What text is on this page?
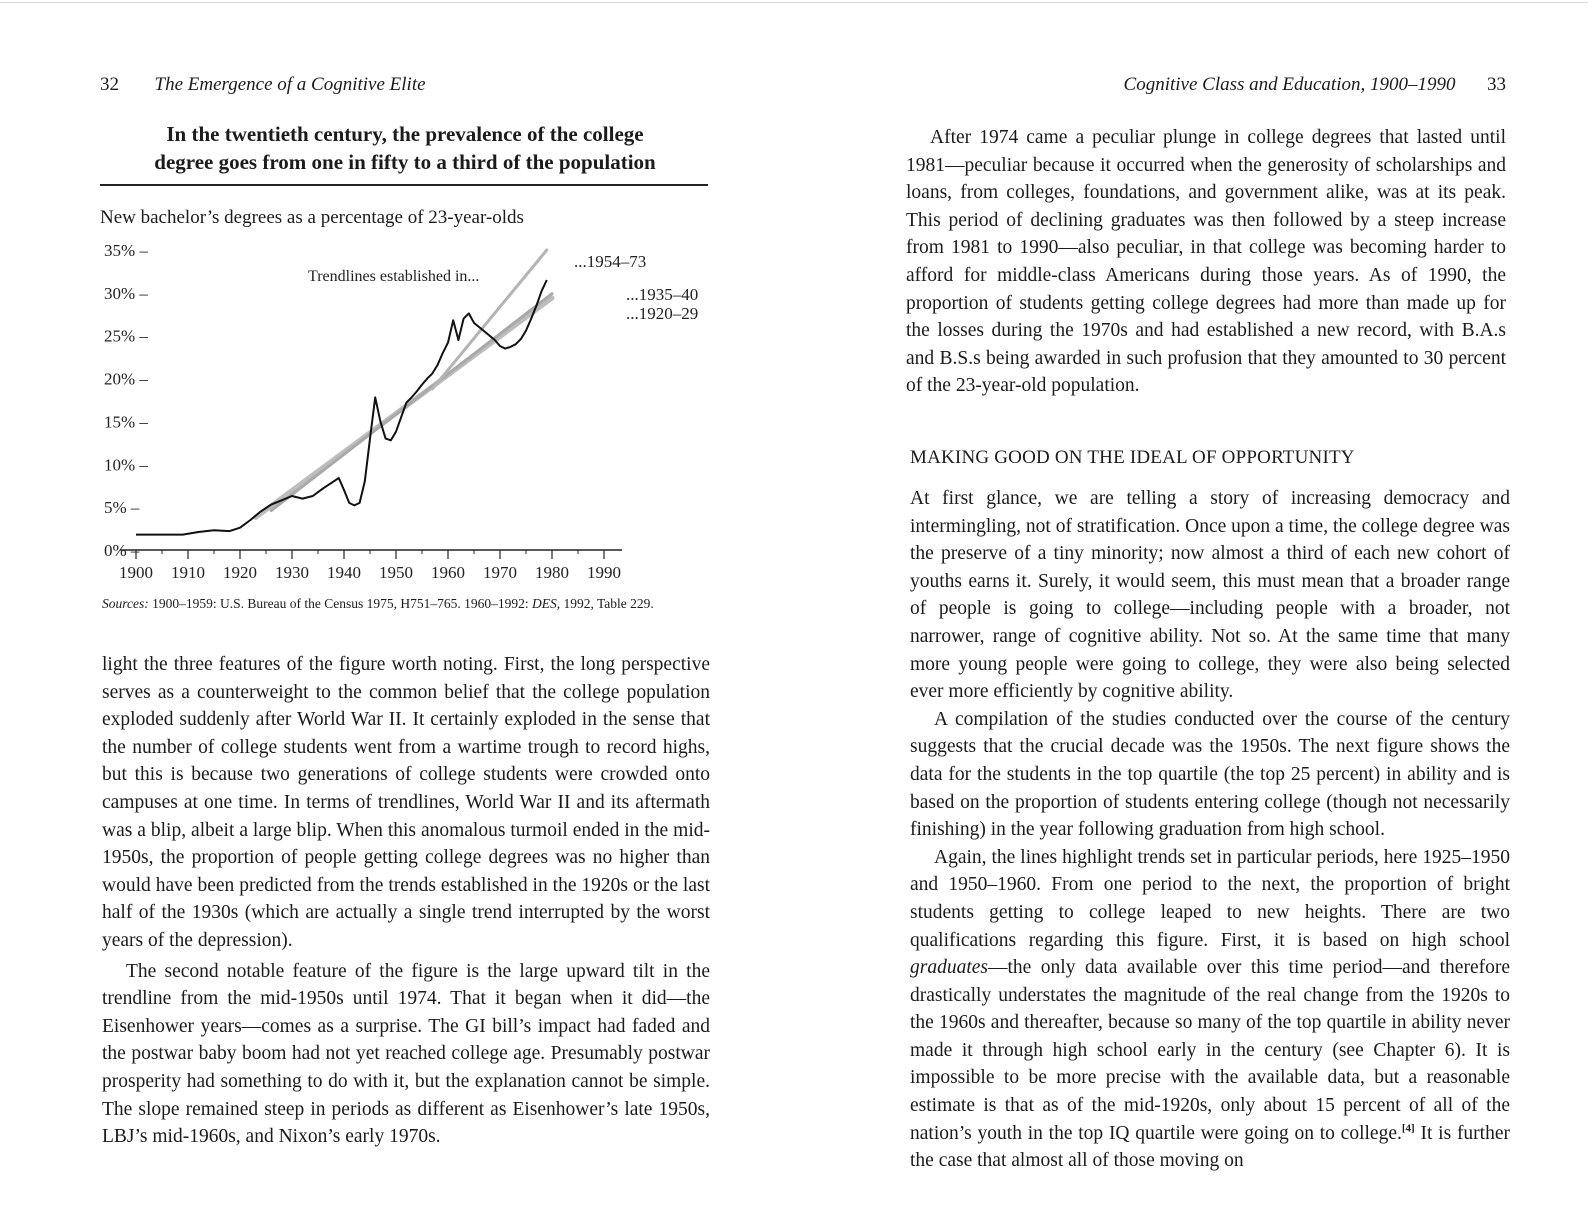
32 The Emergence of a Cognitive Elite
In the twentieth century, the prevalence of the college
degree goes from one in fifty to a third of the population
New bachelor’s degrees as a percentage of 23-year-olds
0% –
5% –
10% –
15% –
20% –
25% –
30% –
35% –
1900 1910 1920 1930 1940 1950 1960 1970 1980 1990
Trendlines established in...
...1954–73
...1935–40
...1920–29
Sources: 1900–1959: U.S. Bureau of the Census 1975, H751–765. 1960–1992: DES, 1992, Table 229.

light the three features of the figure worth noting. First, the long perspective serves as a counterweight to the common belief that the college population exploded suddenly after World War II. It certainly exploded in the sense that the number of college students went from a wartime trough to record highs, but this is because two generations of college students were crowded onto campuses at one time. In terms of trendlines, World War II and its aftermath was a blip, albeit a large blip. When this anomalous turmoil ended in the mid-1950s, the proportion of people getting college degrees was no higher than would have been predicted from the trends established in the 1920s or the last half of the 1930s (which are actually a single trend interrupted by the worst years of the depression).

The second notable feature of the figure is the large upward tilt in the trendline from the mid-1950s until 1974. That it began when it did—the Eisenhower years—comes as a surprise. The GI bill’s impact had faded and the postwar baby boom had not yet reached college age. Presumably postwar prosperity had something to do with it, but the explanation cannot be simple. The slope remained steep in periods as different as Eisenhower’s late 1950s, LBJ’s mid-1960s, and Nixon’s early 1970s.

Cognitive Class and Education, 1900–1990 33

After 1974 came a peculiar plunge in college degrees that lasted until 1981—peculiar because it occurred when the generosity of scholarships and loans, from colleges, foundations, and government alike, was at its peak. This period of declining graduates was then followed by a steep increase from 1981 to 1990—also peculiar, in that college was becoming harder to afford for middle-class Americans during those years. As of 1990, the proportion of students getting college degrees had more than made up for the losses during the 1970s and had established a new record, with B.A.s and B.S.s being awarded in such profusion that they amounted to 30 percent of the 23-year-old population.

MAKING GOOD ON THE IDEAL OF OPPORTUNITY

At first glance, we are telling a story of increasing democracy and intermingling, not of stratification. Once upon a time, the college degree was the preserve of a tiny minority; now almost a third of each new cohort of youths earns it. Surely, it would seem, this must mean that a broader range of people is going to college—including people with a broader, not narrower, range of cognitive ability. Not so. At the same time that many more young people were going to college, they were also being selected ever more efficiently by cognitive ability.

A compilation of the studies conducted over the course of the century suggests that the crucial decade was the 1950s. The next figure shows the data for the students in the top quartile (the top 25 percent) in ability and is based on the proportion of students entering college (though not necessarily finishing) in the year following graduation from high school.

Again, the lines highlight trends set in particular periods, here 1925–1950 and 1950–1960. From one period to the next, the proportion of bright students getting to college leaped to new heights. There are two qualifications regarding this figure. First, it is based on high school graduates—the only data available over this time period—and therefore drastically understates the magnitude of the real change from the 1920s to the 1960s and thereafter, because so many of the top quartile in ability never made it through high school early in the century (see Chapter 6). It is impossible to be more precise with the available data, but a reasonable estimate is that as of the mid-1920s, only about 15 percent of all of the nation’s youth in the top IQ quartile were going on to college.[4] It is further the case that almost all of those moving on
